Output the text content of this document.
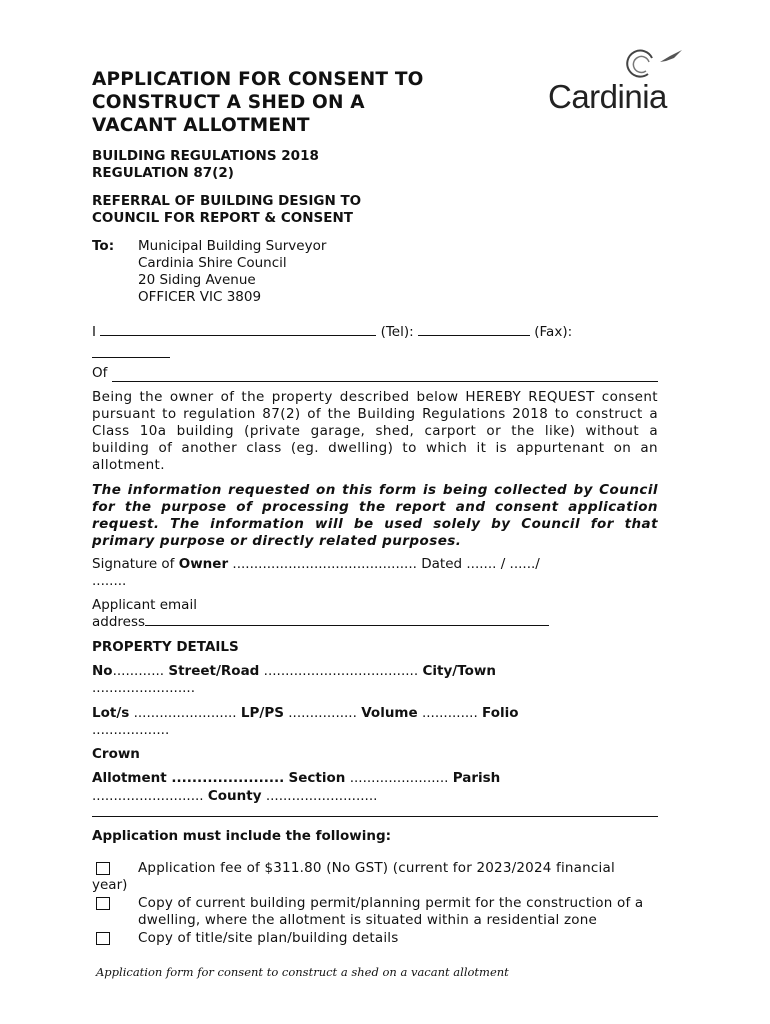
Cardinia
APPLICATION FOR CONSENT TO
CONSTRUCT A SHED ON A
VACANT ALLOTMENT
BUILDING REGULATIONS 2018
REGULATION 87(2)
REFERRAL OF BUILDING DESIGN TO
COUNCIL FOR REPORT & CONSENT
To: Municipal Building Surveyor
Cardinia Shire Council
20 Siding Avenue
OFFICER VIC 3809
I	(Tel):	(Fax):
Of
Being the owner of the property described below HEREBY REQUEST consent pursuant to regulation 87(2) of the Building Regulations 2018 to construct a Class 10a building (private garage, shed, carport or the like) without a building of another class (eg. dwelling) to which it is appurtenant on an allotment.
The information requested on this form is being collected by Council for the purpose of processing the report and consent application request. The information will be used solely by Council for that primary purpose or directly related purposes.
Signature of Owner ........................................... Dated ....... / ....../
........
Applicant email
address
PROPERTY DETAILS
No............ Street/Road .................................... City/Town
........................
Lot/s ........................ LP/PS ................ Volume ............. Folio
..................
Crown
Allotment ...................... Section ....................... Parish
.......................... County ..........................
Application must include the following:
Application fee of $311.80 (No GST) (current for 2023/2024 financial
year)
Copy of current building permit/planning permit for the construction of a dwelling, where the allotment is situated within a residential zone
Copy of title/site plan/building details
Application form for consent to construct a shed on a vacant allotment
